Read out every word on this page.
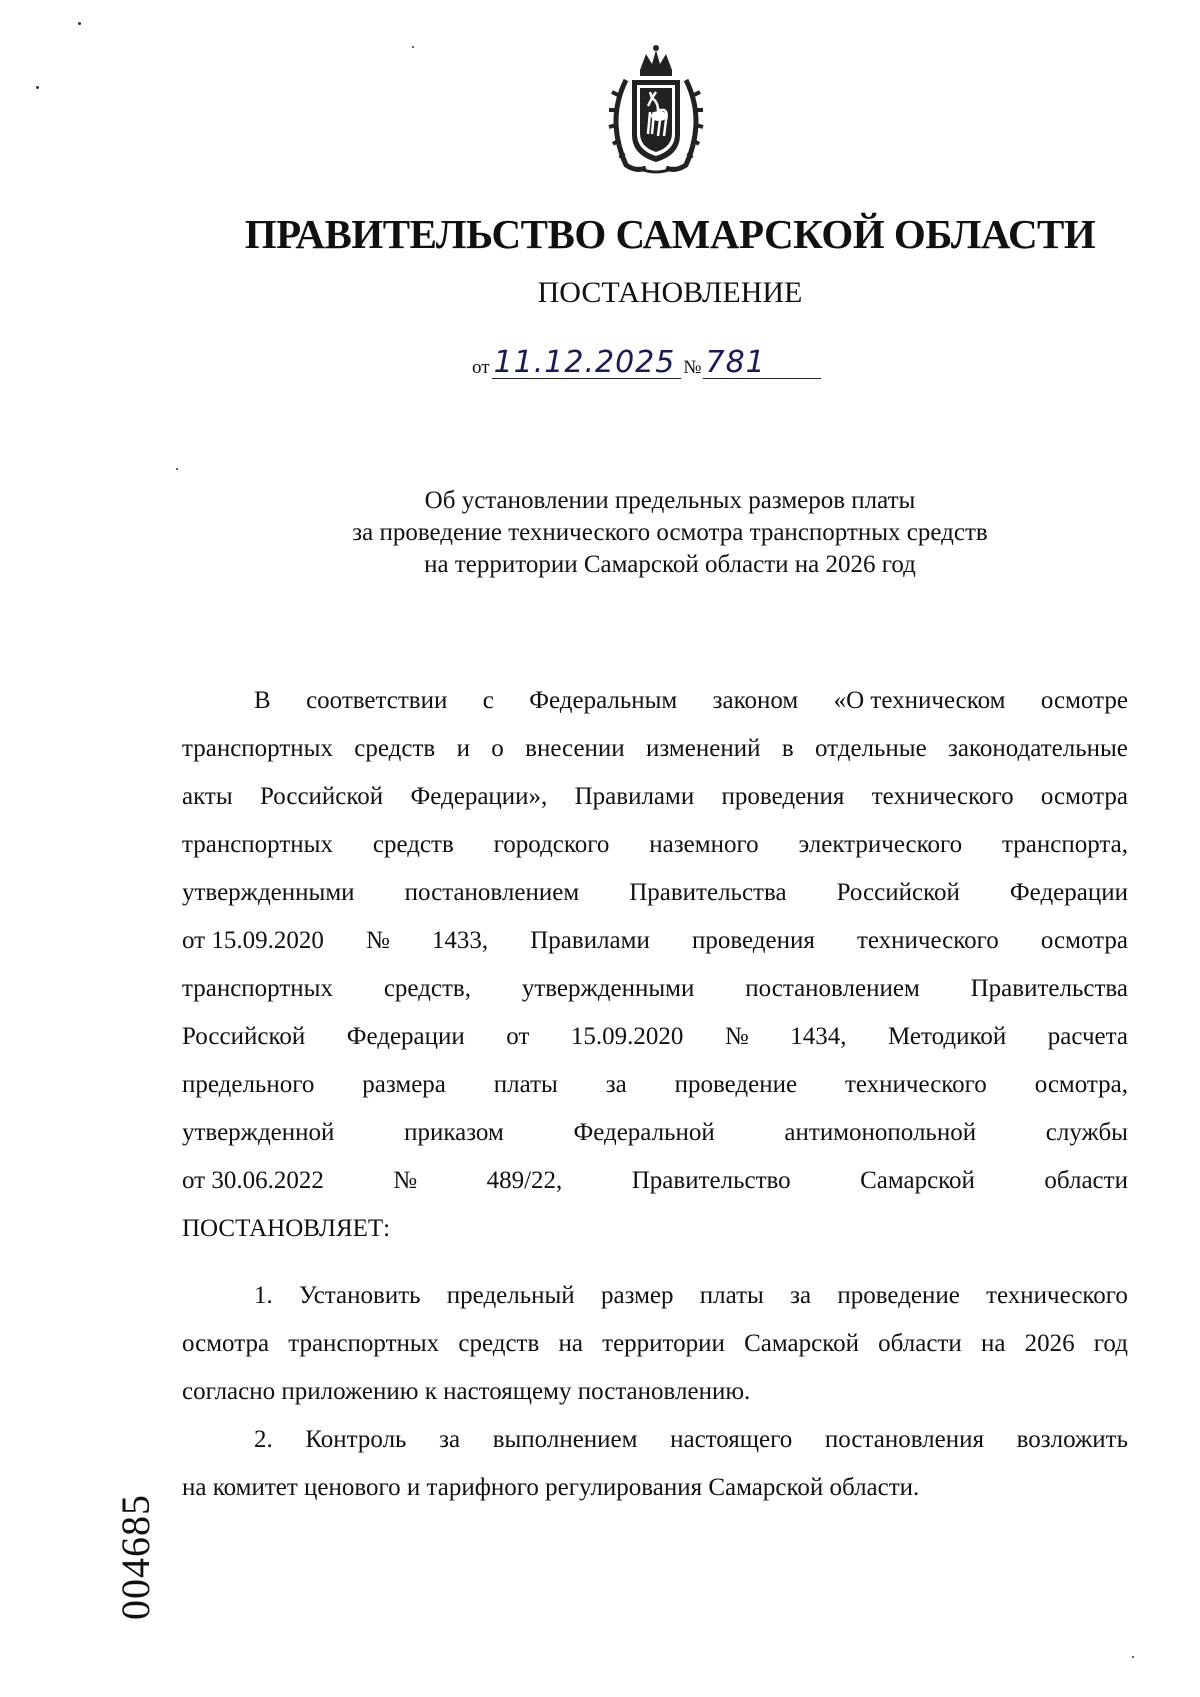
ПРАВИТЕЛЬСТВО САМАРСКОЙ ОБЛАСТИ
ПОСТАНОВЛЕНИЕ
от 11.12.2025 № 781
Об установлении предельных размеров платы
за проведение технического осмотра транспортных средств
на территории Самарской области на 2026 год
В соответствии с Федеральным законом «О техническом осмотре
транспортных средств и о внесении изменений в отдельные законодательные
акты Российской Федерации», Правилами проведения технического осмотра
транспортных средств городского наземного электрического транспорта,
утвержденными постановлением Правительства Российской Федерации
от 15.09.2020 № 1433, Правилами проведения технического осмотра
транспортных средств, утвержденными постановлением Правительства
Российской Федерации от 15.09.2020 № 1434, Методикой расчета
предельного размера платы за проведение технического осмотра,
утвержденной	приказом	Федеральной	антимонопольной	службы
от 30.06.2022	№	489/22,	Правительство	Самарской	области
ПОСТАНОВЛЯЕТ:
1. Установить предельный размер платы за проведение технического
осмотра транспортных средств на территории Самарской области на 2026 год
согласно приложению к настоящему постановлению.
2. Контроль за выполнением настоящего постановления возложить
на комитет ценового и тарифного регулирования Самарской области.
004685
